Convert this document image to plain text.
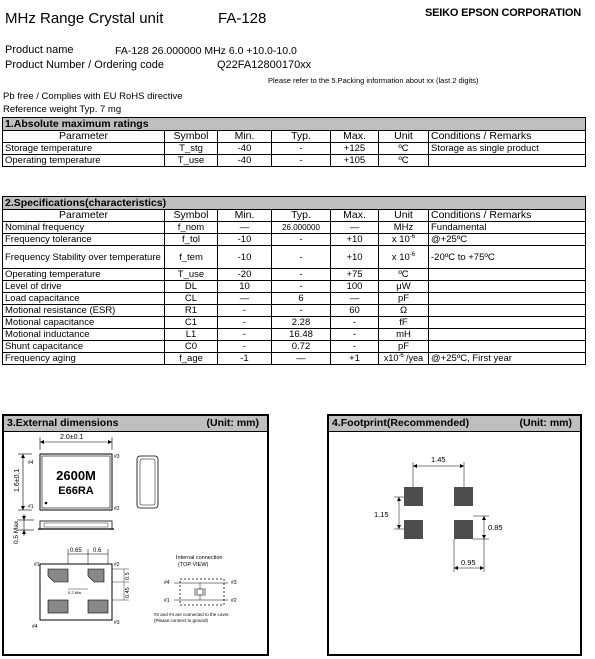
MHz Range Crystal unit	FA-128	SEIKO EPSON CORPORATION
Product name	FA-128 26.000000 MHz 6.0 +10.0-10.0
Product Number / Ordering code	Q22FA12800170xx
Please refer to the 5.Packing information about xx (last 2 digits)
Pb free / Complies with EU RoHS directive
Reference weight Typ. 7 mg
1.Absolute maximum ratings						
Parameter	Symbol	Min.	Typ.	Max.	Unit	Conditions / Remarks
Storage temperature	T_stg	-40	-	+125	ºC	Storage as single product
Operating temperature	T_use	-40	-	+105	ºC	
2.Specifications(characteristics)						
Parameter	Symbol	Min.	Typ.	Max.	Unit	Conditions / Remarks
Nominal frequency	f_nom	—	26.000000	—	MHz	Fundamental
Frequency tolerance	f_tol	-10	-	+10	x $10^{-6}$	@+25ºC
Frequency Stability over temperature	f_tem	-10	-	+10	x $10^{-6}$	-20ºC to +75ºC
Operating temperature	T_use	-20	-	+75	ºC	
Level of drive	DL	10	-	100	μW	
Load capacitance	CL	—	6	—	pF	
Motional resistance (ESR)	R1	-	-	60	Ω	
Motional capacitance	C1	-	2.28	-	fF	
Motional inductance	L1	-	16.48	-	mH	
Shunt capacitance	C0	-	0.72	-	pF	
Frequency aging	f_age	-1	—	+1	$x10^{-6}$ /yea	@+25ºC, First year
3.External dimensions	(Unit: mm)
2.0±0.1
1.6±0.1	2600M
E66RA
#4
#3
#1	#2
0.5 Max.
0.65 0.6
0.2 Min.
0.5
0.45
#1	#2
#4
#3
Internal connection
(TOP VIEW)
#4	#3
#1	#2
#2 and #4 are connected to the cover.
(Please connect to ground)
4.Footprint(Recommended)	(Unit: mm)
1.45
1.15
0.85
0.95
